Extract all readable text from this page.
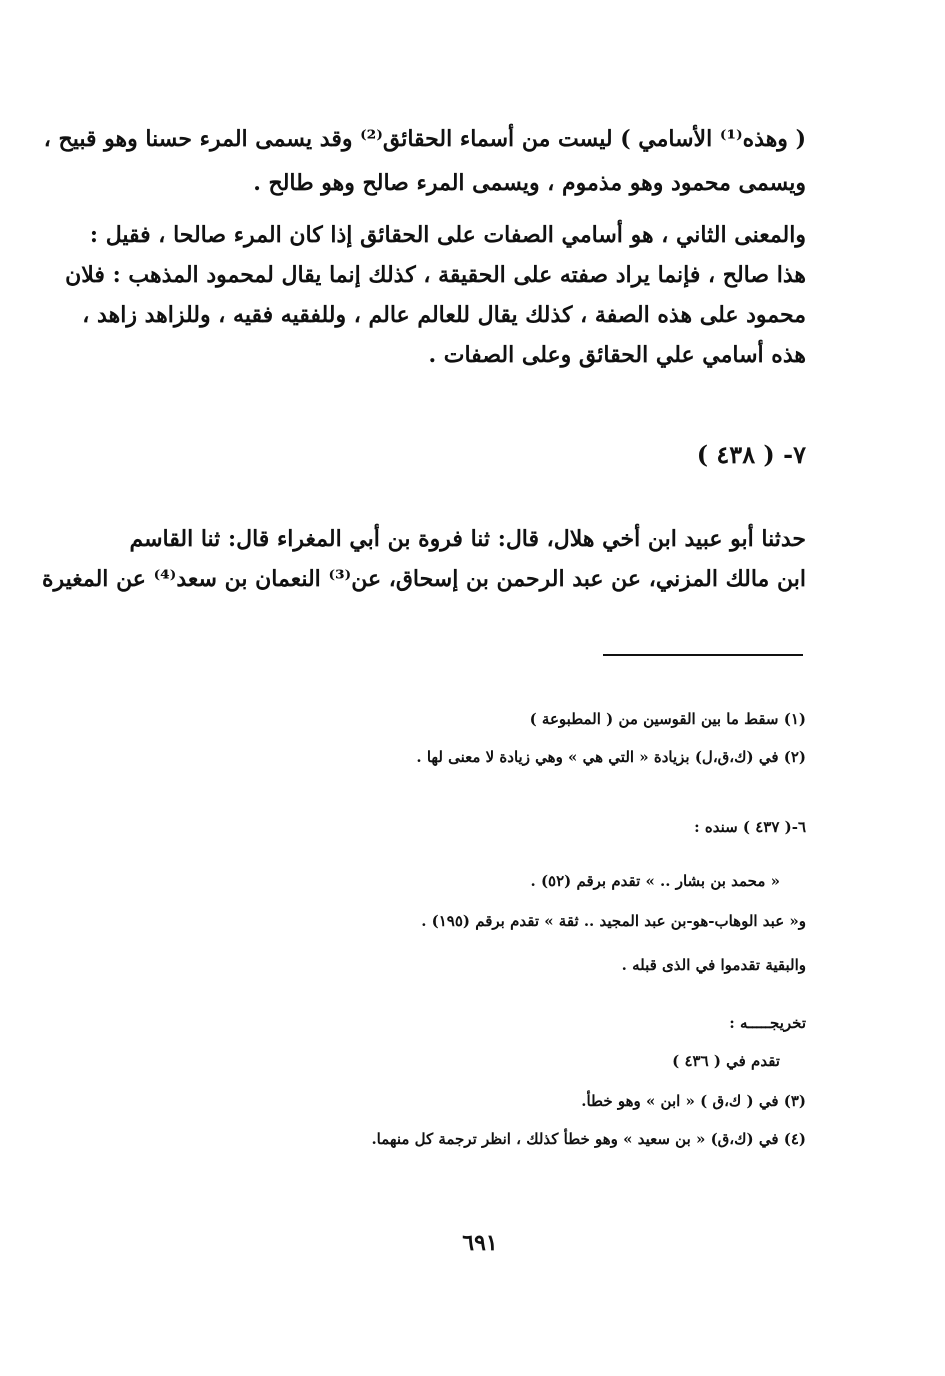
( وهذه⁽¹⁾ الأسامي ) ليست من أسماء الحقائق⁽²⁾ وقد يسمى المرء حسنا وهو قبيح ،
ويسمى محمود وهو مذموم ، ويسمى المرء صالح وهو طالح .
والمعنى الثاني ، هو أسامي الصفات على الحقائق إذا كان المرء صالحا ، فقيل :
هذا صالح ، فإنما يراد صفته على الحقيقة ، كذلك إنما يقال لمحمود المذهب : فلان
محمود على هذه الصفة ، كذلك يقال للعالم عالم ، وللفقيه فقيه ، وللزاهد زاهد ،
هذه أسامي علي الحقائق وعلى الصفات .
٧- ( ٤٣٨ )
حدثنا أبو عبيد ابن أخي هلال، قال: ثنا فروة بن أبي المغراء قال: ثنا القاسم
ابن مالك المزني، عن عبد الرحمن بن إسحاق، عن⁽³⁾ النعمان بن سعد⁽⁴⁾ عن المغيرة
(١) سقط ما بين القوسين من ( المطبوعة )
(٢) في (ك،ق،ل) بزيادة « التي هي » وهي زيادة لا معنى لها .
٦-( ٤٣٧ ) سنده :
« محمد بن بشار .. » تقدم برقم (٥٢) .
و« عبد الوهاب-هو-بن عبد المجيد .. ثقة » تقدم برقم (١٩٥) .
والبقية تقدموا في الذى قبله .
تخريجـــــه :
تقدم في ( ٤٣٦ )
(٣) في ( ك،ق ) « ابن » وهو خطأ.
(٤) في (ك،ق) « بن سعيد » وهو خطأ كذلك ، انظر ترجمة كل منهما.
٦٩١
